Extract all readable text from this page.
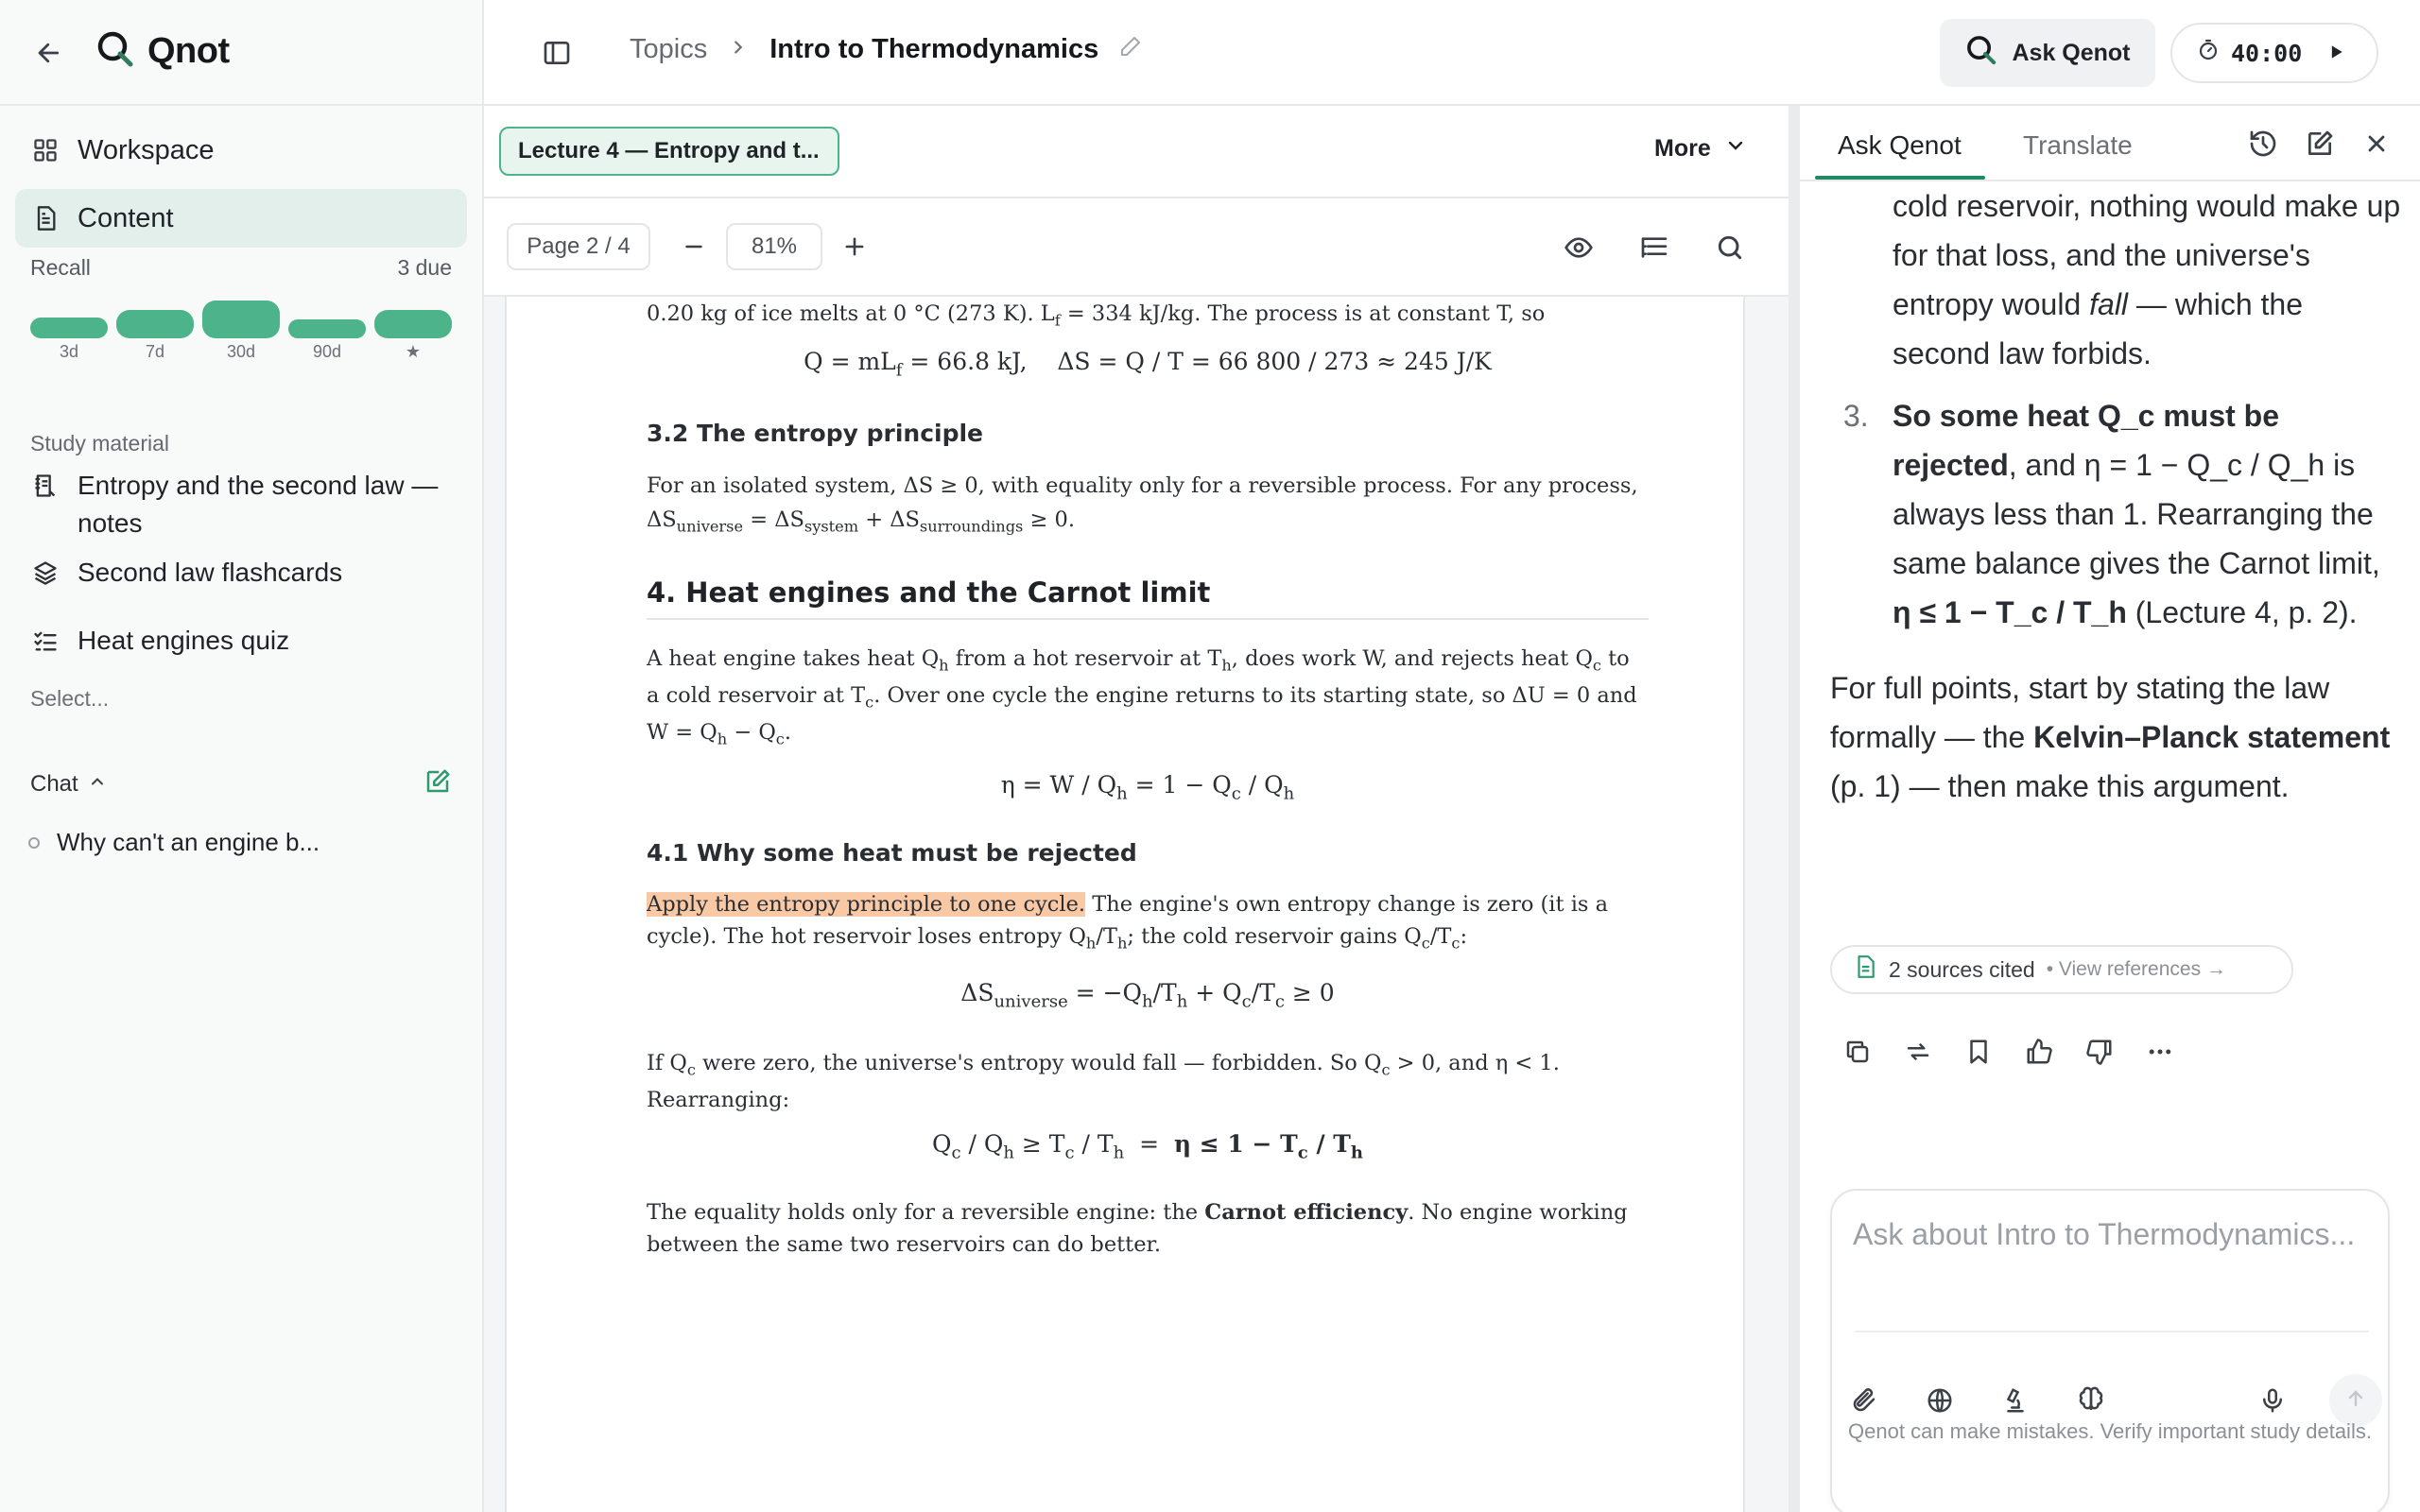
Qnot
Workspace
Content
Recall	3 due
Study material
Entropy and the second law — notes
Second law flashcards
Heat engines quiz
Select...
Chat
Why can't an engine b...
3d	7d	30d	90d	★
Topics Intro to Thermodynamics	Ask Qenot	40:00
Lecture 4 — Entropy and t...	More
Page 2 / 4	81%
0.20 kg of ice melts at 0 °C (273 K). $L_f = 334$ kJ/kg. The process is at constant T, so
$Q = mL_f = 66.8$ kJ,    ΔS = Q / T = 66 800 / 273 ≈ 245 J/K
3.2 The entropy principle
For an isolated system, ΔS ≥ 0, with equality only for a reversible process. For any process, $\Delta S_{universe} = \Delta S_{system} + \Delta S_{surroundings} \ge 0$.
4. Heat engines and the Carnot limit
A heat engine takes heat $Q_h$ from a hot reservoir at $T_h$, does work W, and rejects heat $Q_c$ to a cold reservoir at $T_c$. Over one cycle the engine returns to its starting state, so ΔU = 0 and $W = Q_h - Q_c$.
$\eta = W / Q_h = 1 - Q_c / Q_h$
4.1 Why some heat must be rejected
Apply the entropy principle to one cycle. The engine's own entropy change is zero (it is a cycle). The hot reservoir loses entropy $Q_h/T_h$; the cold reservoir gains $Q_c/T_c$:
$\Delta S_{universe} = -Q_h/T_h + Q_c/T_c \ge 0$
If $Q_c$ were zero, the universe's entropy would fall — forbidden. So $Q_c > 0$, and η < 1. Rearranging:
$Q_c / Q_h \ge T_c / T_h = \eta \le 1 - T_c / T_h$
The equality holds only for a reversible engine: the Carnot efficiency. No engine working between the same two reservoirs can do better.
Ask Qenot Translate
cold reservoir, nothing would make up for that loss, and the universe's entropy would fall — which the second law forbids.
3. So some heat Q_c must be rejected, and η = 1 − Q_c / Q_h is always less than 1. Rearranging the same balance gives the Carnot limit, η ≤ 1 − T_c / T_h (Lecture 4, p. 2).
For full points, start by stating the law formally — the Kelvin–Planck statement (p. 1) — then make this argument.
2 sources cited • View references →
Ask about Intro to Thermodynamics...
Qenot can make mistakes. Verify important study details.
